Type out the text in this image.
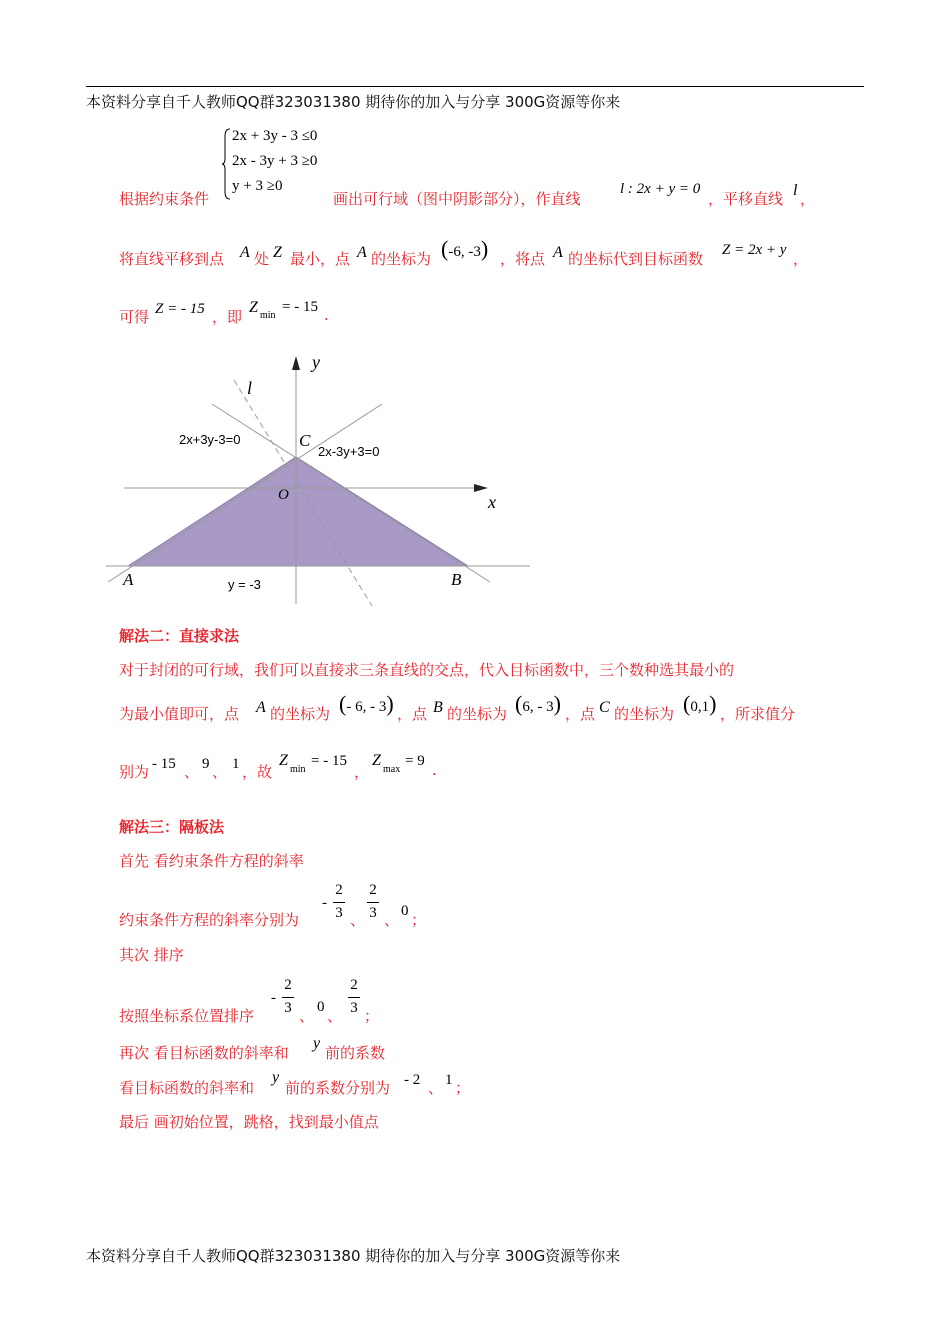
本资料分享自千人教师QQ群323031380 期待你的加入与分享 300G资源等你来
2x + 3y - 3 ≤0
2x - 3y + 3 ≥0
y + 3 ≥0
根据约束条件	画出可行域（图中阴影部分），作直线
l : 2x + y = 0
，平移直线 l ，
将直线平移到点 A 处 Z 最小，点 A 的坐标为 (-6, -3) ，将点 A 的坐标代到目标函数 Z = 2x + y ，
可得 Z = - 15 ，即
Z min
= - 15 .
y
x
O
l
C
A	B
2x+3y-3=0
2x-3y+3=0
y = -3
解法二：直接求法
对于封闭的可行域，我们可以直接求三条直线的交点，代入目标函数中，三个数种选其最小的
为最小值即可，点 A 的坐标为 (- 6, - 3) ，点 B 的坐标为 (6, - 3) ，点 C 的坐标为 (0,1) ，所求值分
别为 - 15 、 9 、 1 ，故
Z
min
= - 15
，
Z
max
= 9 .
解法三：隔板法
首先 看约束条件方程的斜率
约束条件方程的斜率分别为
-
2
3 、
2
3 、 0 ；
其次 排序
按照坐标系位置排序
-
2
3 、 0 、
2
3 ；
再次 看目标函数的斜率和
y
前的系数
看目标函数的斜率和
y
前的系数分别为 - 2 、 1 ；
最后 画初始位置，跳格，找到最小值点
本资料分享自千人教师QQ群323031380 期待你的加入与分享 300G资源等你来
